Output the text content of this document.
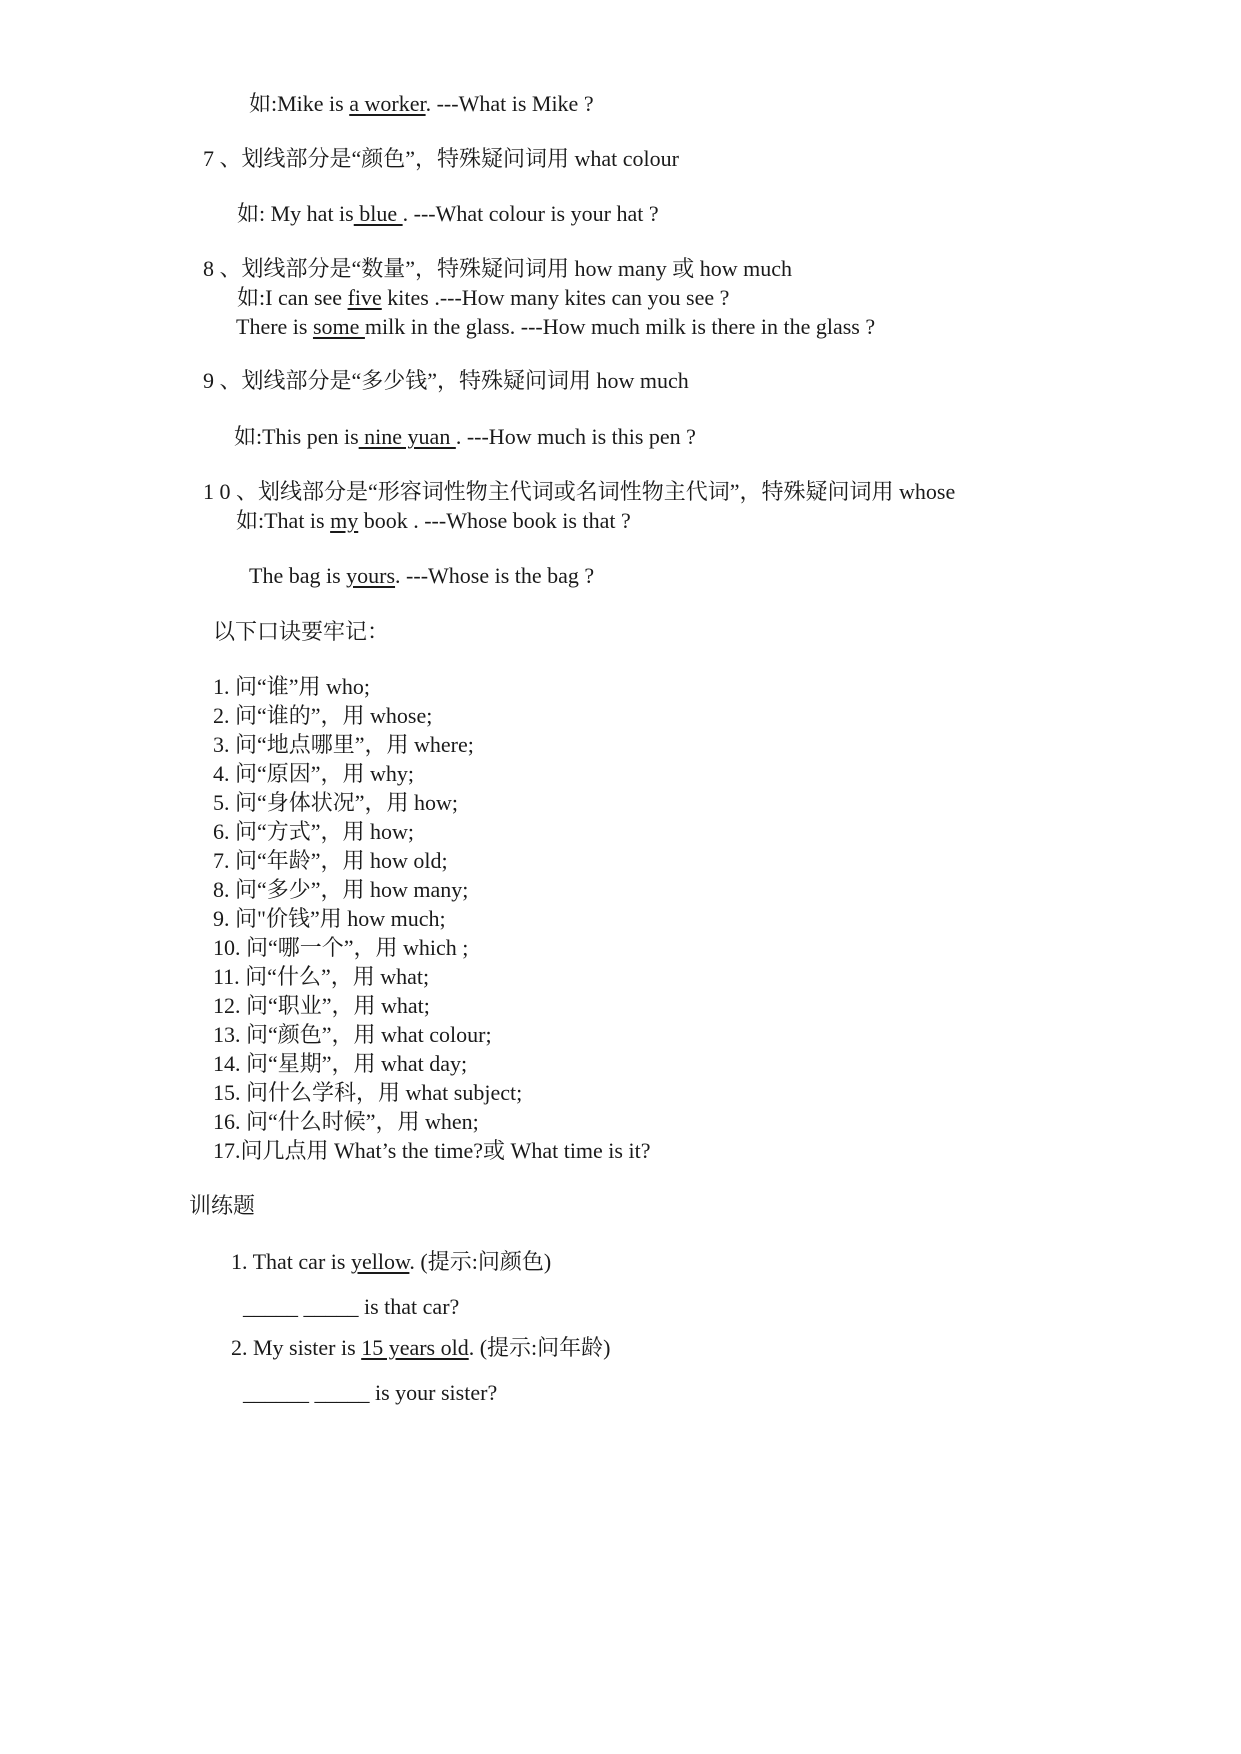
如:Mike is a worker. ---What is Mike ?
7 、划线部分是“颜色”，特殊疑问词用 what colour
如: My hat is blue . ---What colour is your hat ?
8 、划线部分是“数量”，特殊疑问词用 how many 或 how much
如:I can see five kites .---How many kites can you see ?
There is some milk in the glass. ---How much milk is there in the glass ?
9 、划线部分是“多少钱”，特殊疑问词用 how much
如:This pen is nine yuan . ---How much is this pen ?
1 0 、划线部分是“形容词性物主代词或名词性物主代词”，特殊疑问词用 whose
如:That is my book . ---Whose book is that ?
The bag is yours. ---Whose is the bag ?
以下口诀要牢记：
1. 问“谁”用 who;
2. 问“谁的”，用 whose;
3. 问“地点哪里”，用 where;
4. 问“原因”，用 why;
5. 问“身体状况”，用 how;
6. 问“方式”，用 how;
7. 问“年龄”，用 how old;
8. 问“多少”，用 how many;
9. 问"价钱”用 how much;
10. 问“哪一个”，用 which ;
11. 问“什么”，用 what;
12. 问“职业”，用 what;
13. 问“颜色”，用 what colour;
14. 问“星期”，用 what day;
15. 问什么学科，用 what subject;
16. 问“什么时候”，用 when;
17.问几点用 What’s the time?或 What time is it?
训练题
1. That car is yellow. (提示:问颜色)
_____ _____ is that car?
2. My sister is 15 years old. (提示:问年龄)
______ _____ is your sister?
